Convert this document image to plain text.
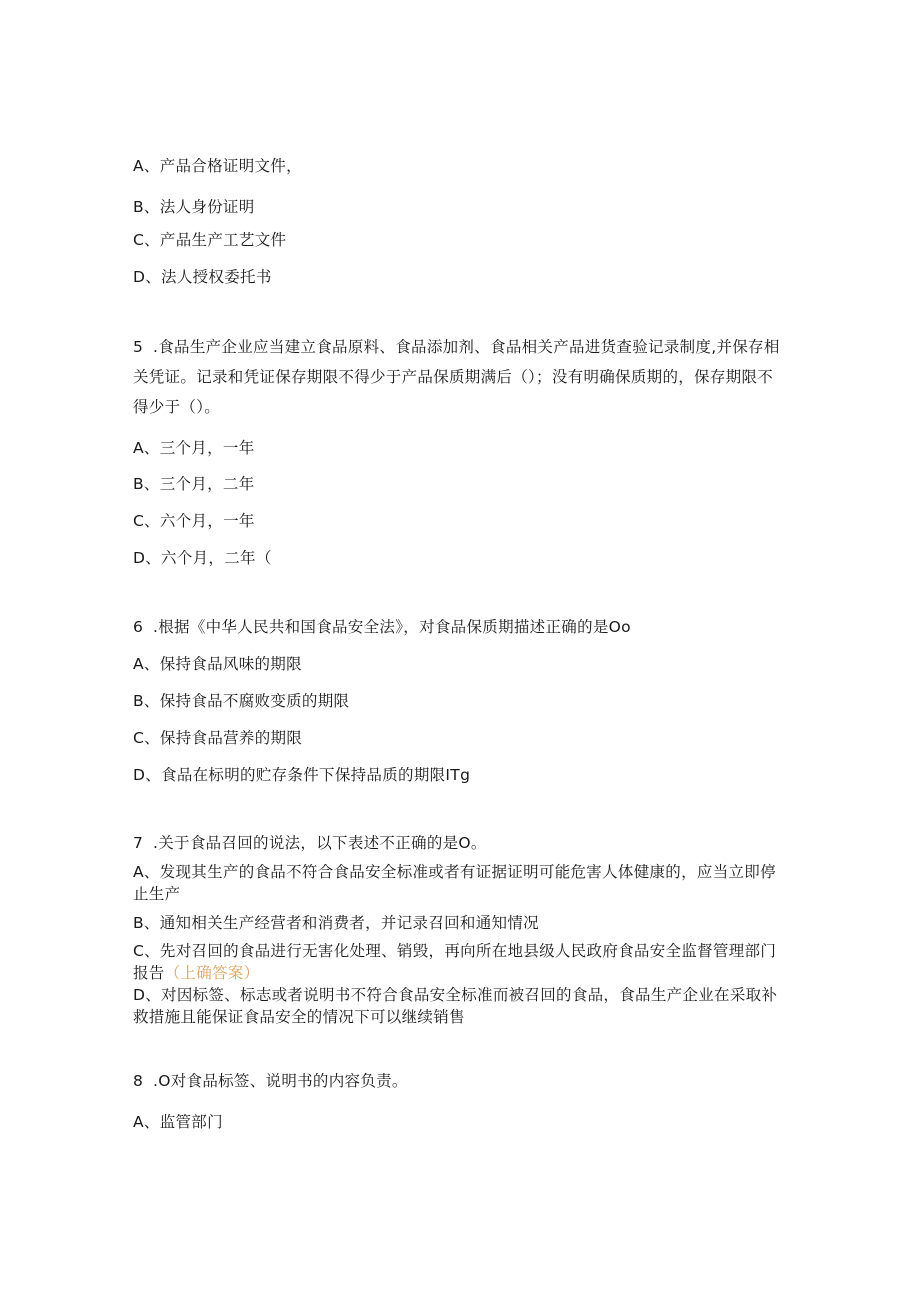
A、产品合格证明文件，
B、法人身份证明
C、产品生产工艺文件
D、法人授权委托书
5 .食品生产企业应当建立食品原料、食品添加剂、食品相关产品进货查验记录制度,并保存相关凭证。记录和凭证保存期限不得少于产品保质期满后（）；没有明确保质期的，保存期限不得少于（）。
A、三个月，一年
B、三个月，二年
C、六个月，一年
D、六个月，二年（
6 .根据《中华人民共和国食品安全法》，对食品保质期描述正确的是Oo
A、保持食品风味的期限
B、保持食品不腐败变质的期限
C、保持食品营养的期限
D、食品在标明的贮存条件下保持品质的期限ITg
7 .关于食品召回的说法，以下表述不正确的是O。
A、发现其生产的食品不符合食品安全标准或者有证据证明可能危害人体健康的，应当立即停止生产
B、通知相关生产经营者和消费者，并记录召回和通知情况
C、先对召回的食品进行无害化处理、销毁，再向所在地县级人民政府食品安全监督管理部门报告（上确答案）
D、对因标签、标志或者说明书不符合食品安全标准而被召回的食品，食品生产企业在采取补救措施且能保证食品安全的情况下可以继续销售
8 .O对食品标签、说明书的内容负责。
A、监管部门
